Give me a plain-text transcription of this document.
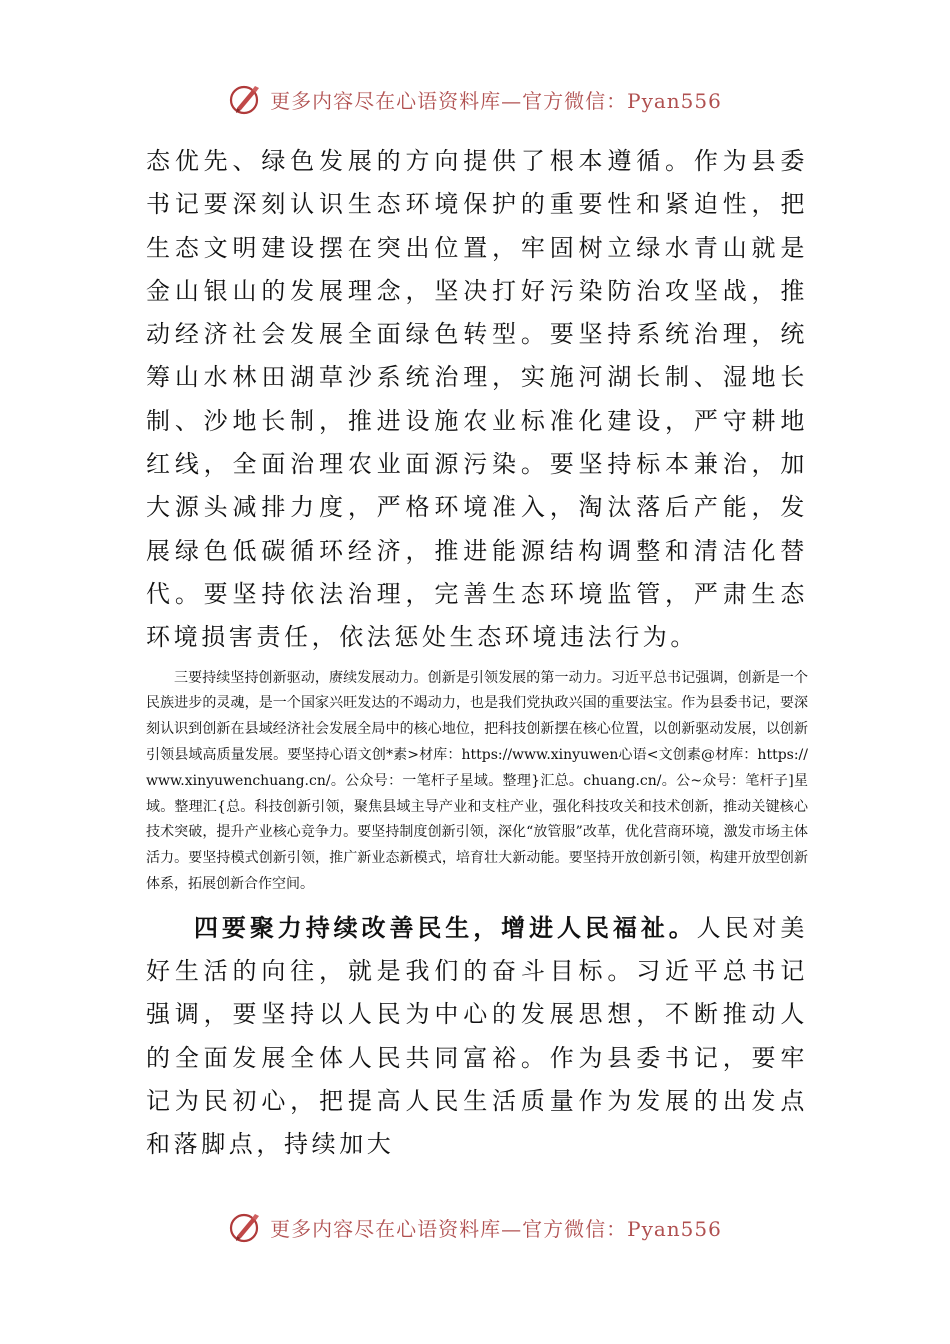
更多内容尽在心语资料库—官方微信：Pyan556

态优先、绿色发展的方向提供了根本遵循。作为县委书记要深刻认识生态环境保护的重要性和紧迫性，把生态文明建设摆在突出位置，牢固树立绿水青山就是金山银山的发展理念，坚决打好污染防治攻坚战，推动经济社会发展全面绿色转型。要坚持系统治理，统筹山水林田湖草沙系统治理，实施河湖长制、湿地长制、沙地长制，推进设施农业标准化建设，严守耕地红线，全面治理农业面源污染。要坚持标本兼治，加大源头减排力度，严格环境准入，淘汰落后产能，发展绿色低碳循环经济，推进能源结构调整和清洁化替代。要坚持依法治理，完善生态环境监管，严肃生态环境损害责任，依法惩处生态环境违法行为。

三要持续坚持创新驱动，赓续发展动力。创新是引领发展的第一动力。习近平总书记强调，创新是一个民族进步的灵魂，是一个国家兴旺发达的不竭动力，也是我们党执政兴国的重要法宝。作为县委书记，要深刻认识到创新在县域经济社会发展全局中的核心地位，把科技创新摆在核心位置，以创新驱动发展，以创新引领县域高质量发展。要坚持心语文创*素>材库：https://www.xinyuwen心语<文创素@材库：https://www.xinyuwenchuang.cn/。公众号：一笔杆子星域。整理}汇总。chuang.cn/。公~众号：笔杆子]星域。整理汇{总。科技创新引领，聚焦县域主导产业和支柱产业，强化科技攻关和技术创新，推动关键核心技术突破，提升产业核心竞争力。要坚持制度创新引领，深化“放管服”改革，优化营商环境，激发市场主体活力。要坚持模式创新引领，推广新业态新模式，培育壮大新动能。要坚持开放创新引领，构建开放型创新体系，拓展创新合作空间。

四要聚力持续改善民生，增进人民福祉。人民对美好生活的向往，就是我们的奋斗目标。习近平总书记强调，要坚持以人民为中心的发展思想，不断推动人的全面发展全体人民共同富裕。作为县委书记，要牢记为民初心，把提高人民生活质量作为发展的出发点和落脚点，持续加大

更多内容尽在心语资料库—官方微信：Pyan556
